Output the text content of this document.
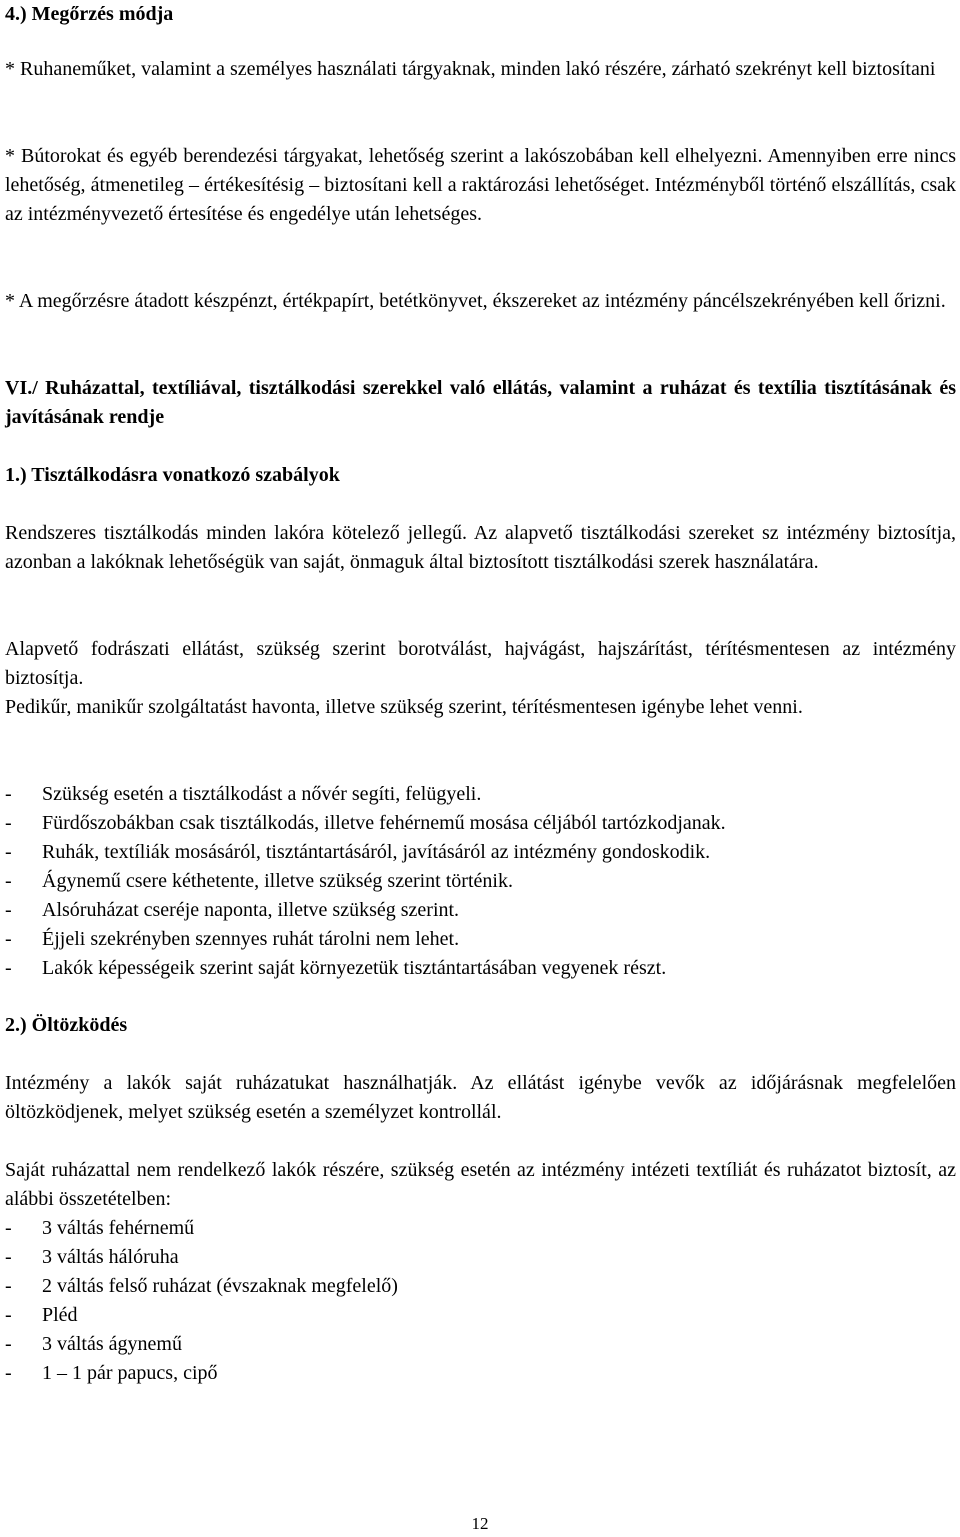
4.) Megőrzés módja

* Ruhaneműket, valamint a személyes használati tárgyaknak, minden lakó részére, zárható szekrényt kell biztosítani

* Bútorokat és egyéb berendezési tárgyakat, lehetőség szerint a lakószobában kell elhelyezni. Amennyiben erre nincs lehetőség, átmenetileg – értékesítésig – biztosítani kell a raktározási lehetőséget. Intézményből történő elszállítás, csak az intézményvezető értesítése és engedélye után lehetséges.

* A megőrzésre átadott készpénzt, értékpapírt, betétkönyvet, ékszereket az intézmény páncélszekrényében kell őrizni.

VI./ Ruházattal, textíliával, tisztálkodási szerekkel való ellátás, valamint a ruházat és textília tisztításának és javításának rendje

1.) Tisztálkodásra vonatkozó szabályok

Rendszeres tisztálkodás minden lakóra kötelező jellegű. Az alapvető tisztálkodási szereket sz intézmény biztosítja, azonban a lakóknak lehetőségük van saját, önmaguk által biztosított tisztálkodási szerek használatára.

Alapvető fodrászati ellátást, szükség szerint borotválást, hajvágást, hajszárítást, térítésmentesen az intézmény biztosítja.

Pedikűr, manikűr szolgáltatást havonta, illetve szükség szerint, térítésmentesen igénybe lehet venni.

-	Szükség esetén a tisztálkodást a nővér segíti, felügyeli.
-	Fürdőszobákban csak tisztálkodás, illetve fehérnemű mosása céljából tartózkodjanak.
-	Ruhák, textíliák mosásáról, tisztántartásáról, javításáról az intézmény gondoskodik.
-	Ágynemű csere kéthetente, illetve szükség szerint történik.
-	Alsóruházat cseréje naponta, illetve szükség szerint.
-	Éjjeli szekrényben szennyes ruhát tárolni nem lehet.
-	Lakók képességeik szerint saját környezetük tisztántartásában vegyenek részt.

2.) Öltözködés

Intézmény a lakók saját ruházatukat használhatják. Az ellátást igénybe vevők az időjárásnak megfelelően öltözködjenek, melyet szükség esetén a személyzet kontrollál.

Saját ruházattal nem rendelkező lakók részére, szükség esetén az intézmény intézeti textíliát és ruházatot biztosít, az alábbi összetételben:

-	3 váltás fehérnemű
-	3 váltás hálóruha
-	2 váltás felső ruházat (évszaknak megfelelő)
-	Pléd
-	3 váltás ágynemű
-	1 – 1 pár papucs, cipő
12
